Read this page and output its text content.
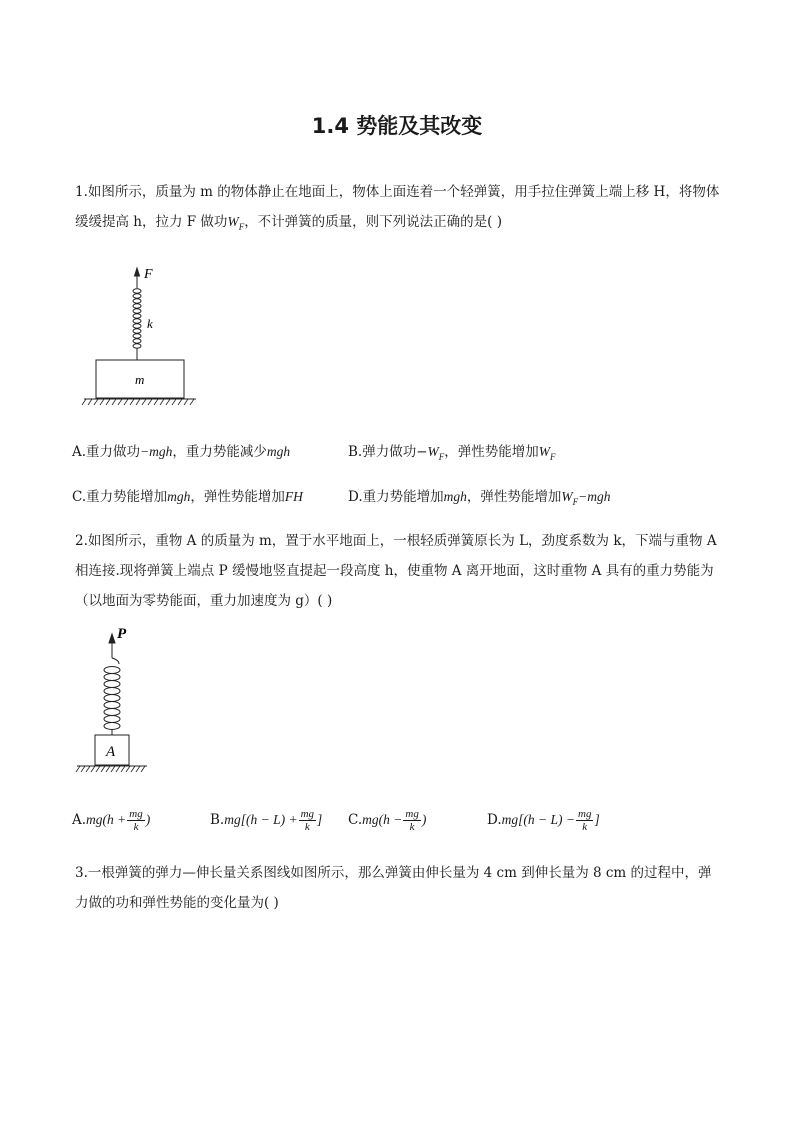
1.4 势能及其改变
1.如图所示，质量为 m 的物体静止在地面上，物体上面连着一个轻弹簧，用手拉住弹簧上端上移 H，将物体缓缓提高 h，拉力 F 做功$W_F$，不计弹簧的质量，则下列说法正确的是( )
F
k
m
A.重力做功−mgh，重力势能减少mgh	B.弹力做功$-W_F$，弹性势能增加$W_F$
C.重力势能增加mgh，弹性势能增加FH	D.重力势能增加mgh，弹性势能增加$W_F-mgh$
2.如图所示，重物 A 的质量为 m，置于水平地面上，一根轻质弹簧原长为 L，劲度系数为 k，下端与重物 A 相连接.现将弹簧上端点 P 缓慢地竖直提起一段高度 h，使重物 A 离开地面，这时重物 A 具有的重力势能为（以地面为零势能面，重力加速度为 g）( )
P
A
$A.mg(h + \frac{mg}{k}$ )	$B.mg[(h - L) + \frac{mg}{k}$ ] $C.mg(h - \frac{mg}{k}$ )	$D.mg[(h - L) - \frac{mg}{k}$ ]
3.一根弹簧的弹力—伸长量关系图线如图所示，那么弹簧由伸长量为 4 cm 到伸长量为 8 cm 的过程中，弹力做的功和弹性势能的变化量为( )
